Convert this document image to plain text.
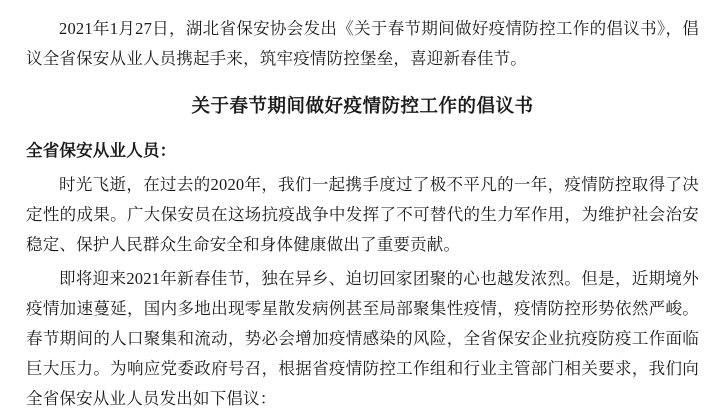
2021年1月27日，湖北省保安协会发出《关于春节期间做好疫情防控工作的倡议书》，倡议全省保安从业人员携起手来，筑牢疫情防控堡垒，喜迎新春佳节。

关于春节期间做好疫情防控工作的倡议书

全省保安从业人员：

时光飞逝，在过去的2020年，我们一起携手度过了极不平凡的一年，疫情防控取得了决定性的成果。广大保安员在这场抗疫战争中发挥了不可替代的生力军作用，为维护社会治安稳定、保护人民群众生命安全和身体健康做出了重要贡献。

即将迎来2021年新春佳节，独在异乡、迫切回家团聚的心也越发浓烈。但是，近期境外疫情加速蔓延，国内多地出现零星散发病例甚至局部聚集性疫情，疫情防控形势依然严峻。春节期间的人口聚集和流动，势必会增加疫情感染的风险，全省保安企业抗疫防疫工作面临巨大压力。为响应党委政府号召，根据省疫情防控工作组和行业主管部门相关要求，我们向全省保安从业人员发出如下倡议：
